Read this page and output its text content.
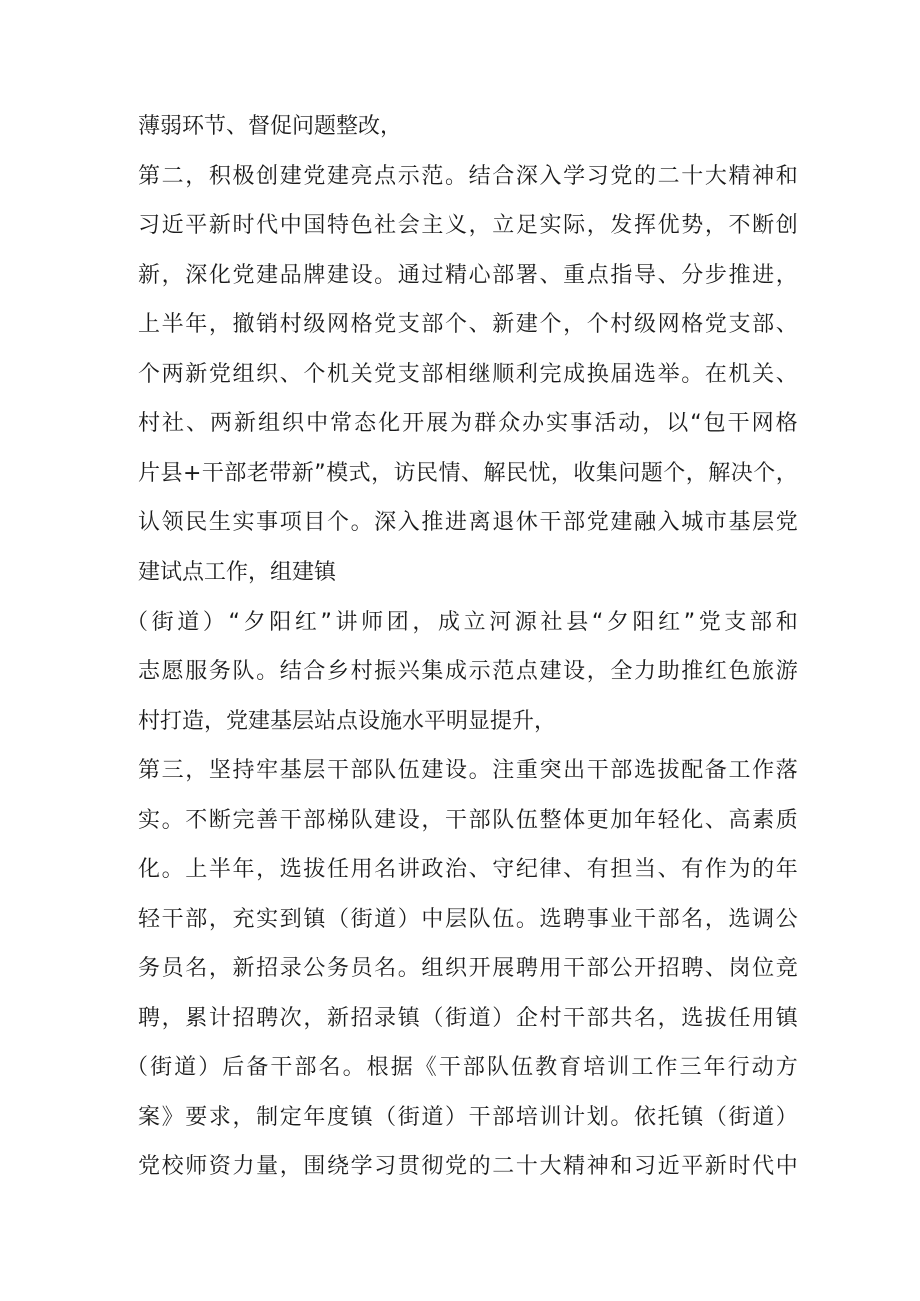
薄弱环节、督促问题整改，
第二，积极创建党建亮点示范。结合深入学习党的二十大精神和
习近平新时代中国特色社会主义，立足实际，发挥优势，不断创
新，深化党建品牌建设。通过精心部署、重点指导、分步推进，
上半年，撤销村级网格党支部个、新建个，个村级网格党支部、
个两新党组织、个机关党支部相继顺利完成换届选举。在机关、
村社、两新组织中常态化开展为群众办实事活动，以“包干网格
片县+干部老带新”模式，访民情、解民忧，收集问题个，解决个，
认领民生实事项目个。深入推进离退休干部党建融入城市基层党
建试点工作，组建镇
（街道）“夕阳红”讲师团，成立河源社县“夕阳红”党支部和
志愿服务队。结合乡村振兴集成示范点建设，全力助推红色旅游
村打造，党建基层站点设施水平明显提升，
第三，坚持牢基层干部队伍建设。注重突出干部选拔配备工作落
实。不断完善干部梯队建设，干部队伍整体更加年轻化、高素质
化。上半年，选拔任用名讲政治、守纪律、有担当、有作为的年
轻干部，充实到镇（街道）中层队伍。选聘事业干部名，选调公
务员名，新招录公务员名。组织开展聘用干部公开招聘、岗位竞
聘，累计招聘次，新招录镇（街道）企村干部共名，选拔任用镇
（街道）后备干部名。根据《干部队伍教育培训工作三年行动方
案》要求，制定年度镇（街道）干部培训计划。依托镇（街道）
党校师资力量，围绕学习贯彻党的二十大精神和习近平新时代中
